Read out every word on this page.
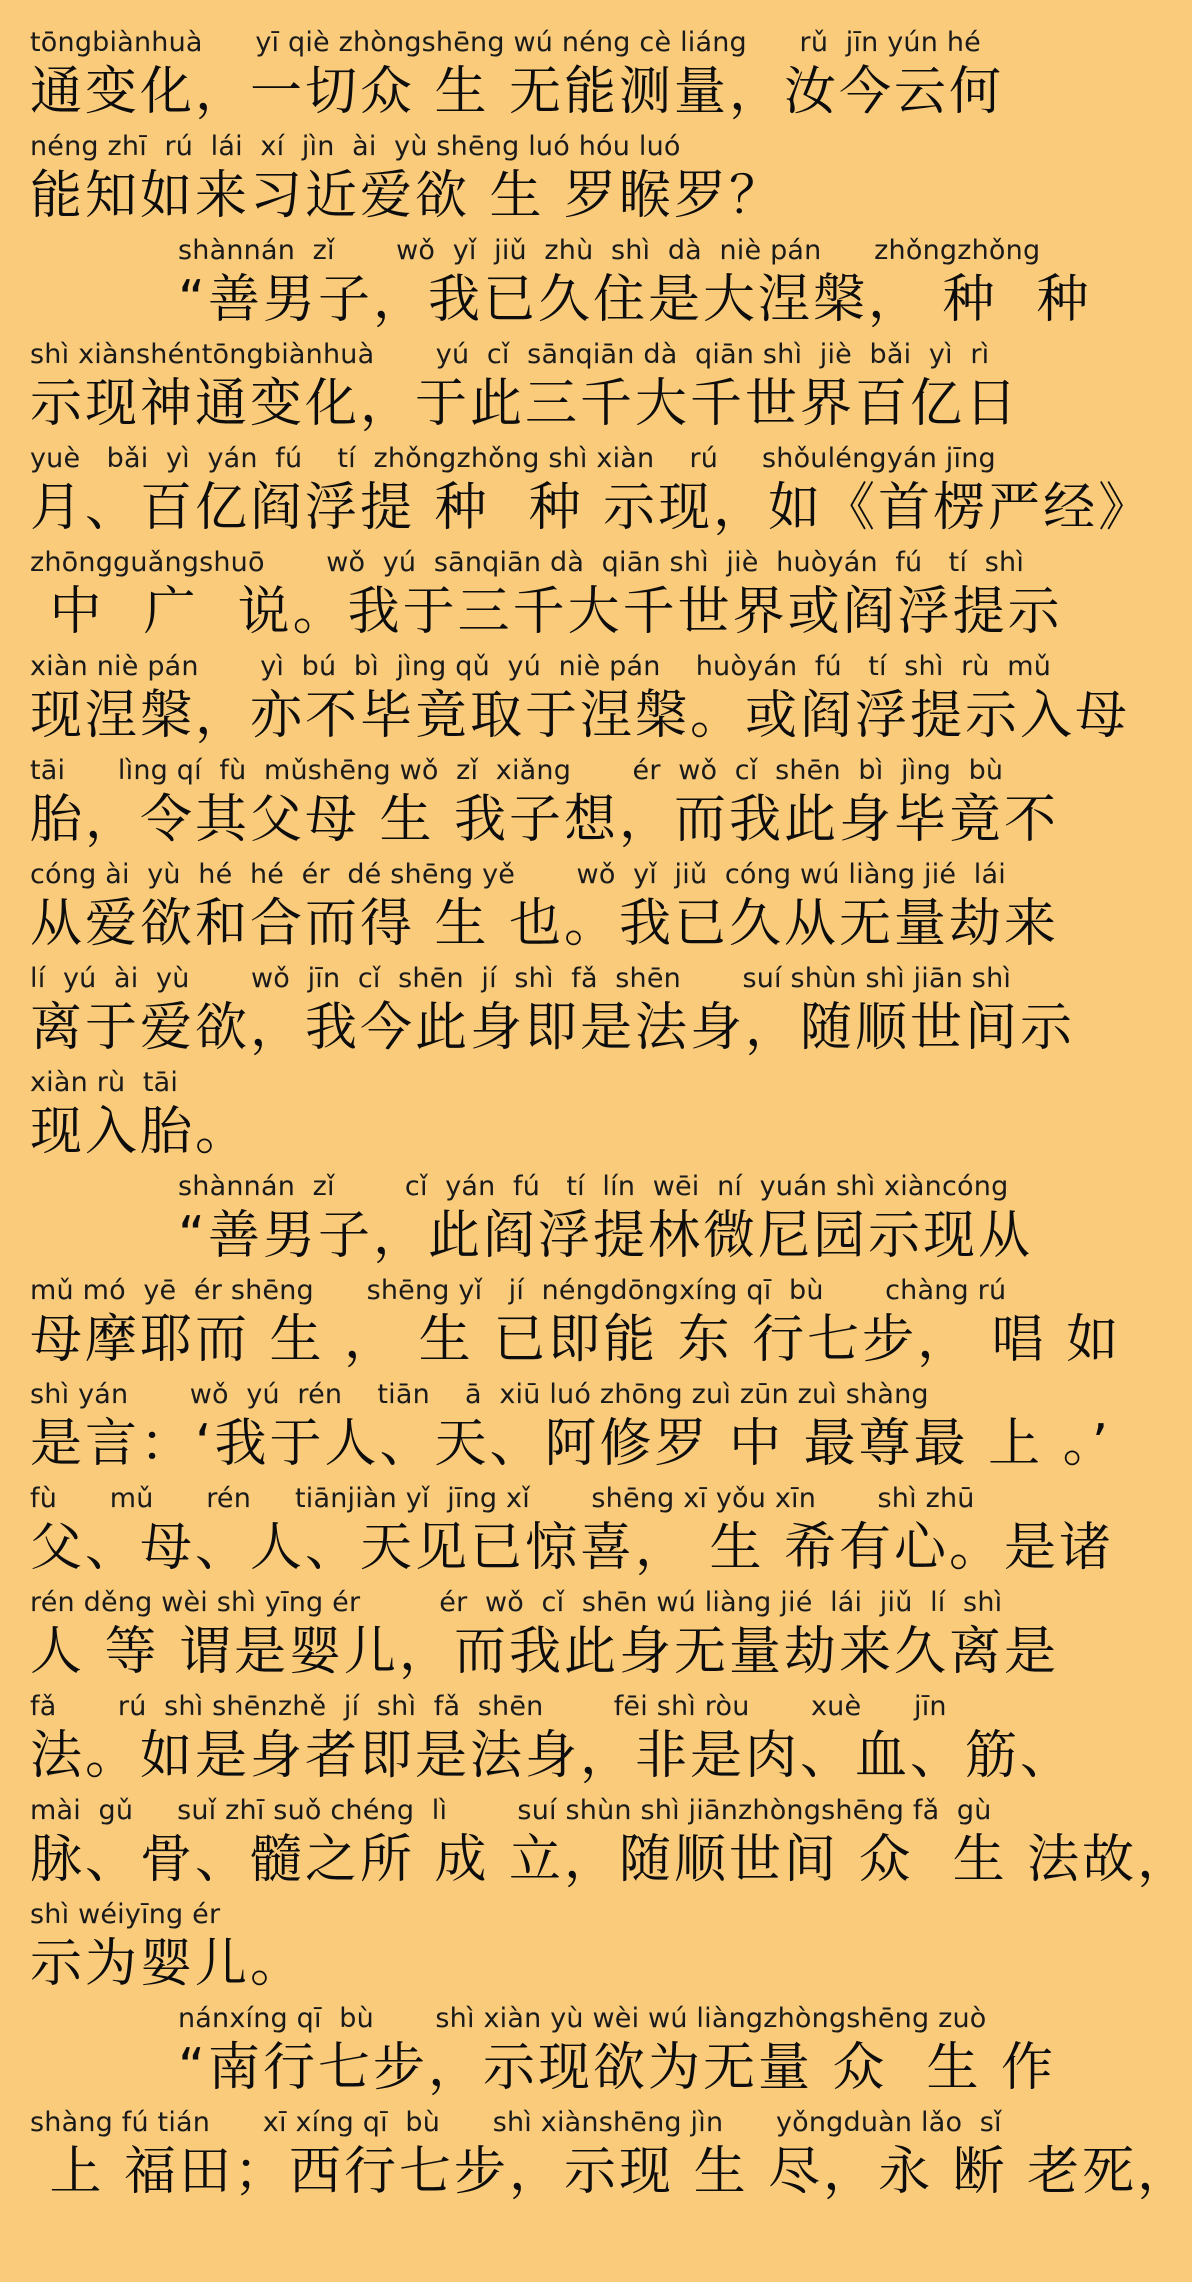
tōngbiànhuà      yī qiè zhòngshēng wú néng cè liáng      rǔ  jīn yún hé
通变化，一切众 生 无能测量，汝今云何
néng zhī  rú  lái  xí  jìn  ài  yù shēng luó hóu luó
能知如来习近爱欲 生 罗睺罗？
shànnán  zǐ       wǒ  yǐ  jiǔ  zhù  shì  dà  niè pán      zhǒngzhǒng
“善男子，我已久住是大涅槃， 种  种
shì xiànshéntōngbiànhuà       yú  cǐ  sānqiān dà  qiān shì  jiè  bǎi  yì  rì
示现神通变化，于此三千大千世界百亿日
yuè   bǎi  yì  yán  fú    tí  zhǒngzhǒng shì xiàn    rú     shǒuléngyán jīng
月、百亿阎浮提 种  种 示现，如《首楞严经》
zhōngguǎngshuō       wǒ  yú  sānqiān dà  qiān shì  jiè  huòyán  fú   tí  shì
中  广  说。我于三千大千世界或阎浮提示
xiàn niè pán       yì  bú  bì  jìng qǔ  yú  niè pán    huòyán  fú   tí  shì  rù  mǔ
现涅槃，亦不毕竟取于涅槃。或阎浮提示入母
tāi      lìng qí  fù  mǔshēng wǒ  zǐ  xiǎng       ér  wǒ  cǐ  shēn  bì  jìng  bù
胎，令其父母 生 我子想，而我此身毕竟不
cóng ài  yù  hé  hé  ér  dé shēng yě       wǒ  yǐ  jiǔ  cóng wú liàng jié  lái
从爱欲和合而得 生 也。我已久从无量劫来
lí  yú  ài  yù       wǒ  jīn  cǐ  shēn  jí  shì  fǎ  shēn       suí shùn shì jiān shì
离于爱欲，我今此身即是法身，随顺世间示
xiàn rù  tāi
现入胎。
shànnán  zǐ        cǐ  yán  fú   tí  lín  wēi  ní  yuán shì xiàncóng
“善男子，此阎浮提林微尼园示现从
mǔ mó  yē  ér shēng      shēng yǐ   jí  néngdōngxíng qī  bù       chàng rú
母摩耶而 生 ， 生 已即能 东 行七步， 唱 如
shì yán       wǒ  yú  rén    tiān    ā  xiū luó zhōng zuì zūn zuì shàng
是言：‘我于人、天、阿修罗 中 最尊最 上 。’
fù      mǔ      rén     tiānjiàn yǐ  jīng xǐ       shēng xī yǒu xīn       shì zhū
父、母、人、天见已惊喜， 生 希有心。是诸
rén děng wèi shì yīng ér         ér  wǒ  cǐ  shēn wú liàng jié  lái  jiǔ  lí  shì
人 等 谓是婴儿，而我此身无量劫来久离是
fǎ       rú  shì shēnzhě  jí  shì  fǎ  shēn        fēi shì ròu       xuè      jīn
法。如是身者即是法身，非是肉、血、筋、
mài  gǔ     suǐ zhī suǒ chéng  lì        suí shùn shì jiānzhòngshēng fǎ  gù
脉、骨、髓之所 成 立，随顺世间 众  生 法故，
shì wéiyīng ér
示为婴儿。
nánxíng qī  bù       shì xiàn yù wèi wú liàngzhòngshēng zuò
“南行七步，示现欲为无量 众  生 作
shàng fú tián      xī xíng qī  bù      shì xiànshēng jìn      yǒngduàn lǎo  sǐ
上 福田；西行七步，示现 生 尽，永 断 老死，
